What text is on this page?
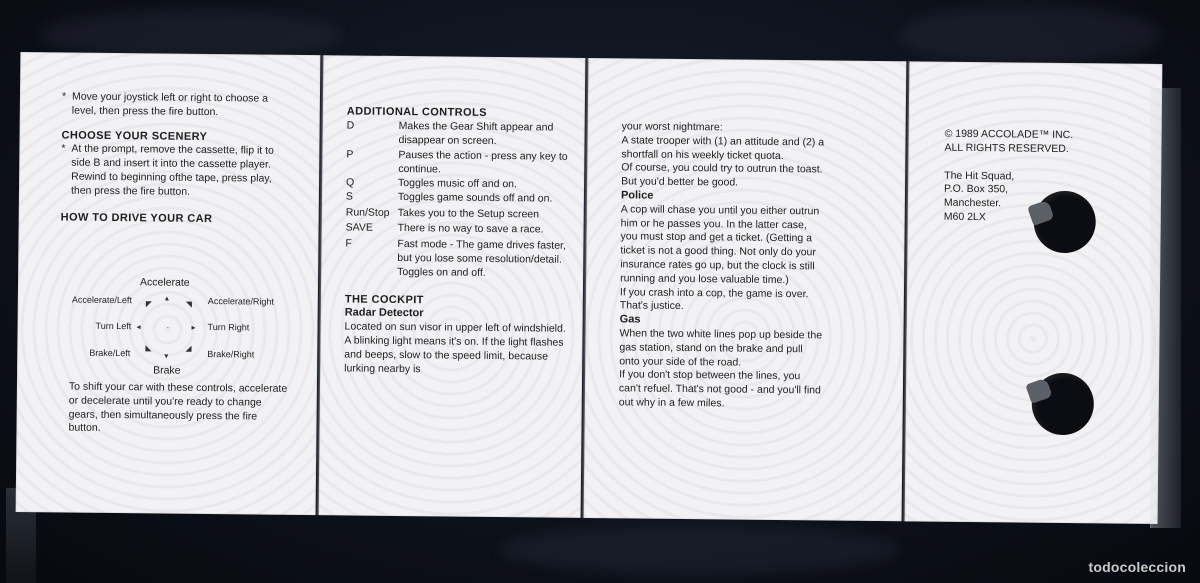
* Move your joystick left or right to choose a level, then press the fire button.

CHOOSE YOUR SCENERY

* At the prompt, remove the cassette, flip it to side B and insert it into the cassette player.

Rewind to beginning ofthe tape, press play, then press the fire button.

HOW TO DRIVE YOUR CAR

Accelerate
Accelerate/Left	Accelerate/Right
Turn Left	Turn Right
Brake/Left	Brake/Right
Brake
▴
◤	◥
◂	▸
◣	◢
▾
·

To shift your car with these controls, accelerate or decelerate until you're ready to change gears, then simultaneously press the fire button.

ADDITIONAL CONTROLS

D	Makes the Gear Shift appear and disappear on screen.
P	Pauses the action - press any key to continue.
Q	Toggles music off and on.
S	Toggles game sounds off and on.
Run/Stop Takes you to the Setup screen
SAVE	There is no way to save a race.
F	Fast mode - The game drives faster, but you lose some resolution/detail. Toggles on and off.

THE COCKPIT

Radar Detector

Located on sun visor in upper left of windshield.

A blinking light means it's on. If the light flashes and beeps, slow to the speed limit, because lurking nearby is

your worst nightmare:

A state trooper with (1) an attitude and (2) a shortfall on his weekly ticket quota.

Of course, you could try to outrun the toast. But you'd better be good.

Police

A cop will chase you until you either outrun him or he passes you. In the latter case, you must stop and get a ticket. (Getting a ticket is not a good thing. Not only do your insurance rates go up, but the clock is still running and you lose valuable time.)

If you crash into a cop, the game is over. That's justice.

Gas

When the two white lines pop up beside the gas station, stand on the brake and pull onto your side of the road.

If you don't stop between the lines, you can't refuel. That's not good - and you'll find out why in a few miles.

© 1989 ACCOLADE™ INC.

ALL RIGHTS RESERVED.

The Hit Squad,

P.O. Box 350,

Manchester.

M60 2LX

todocoleccion
